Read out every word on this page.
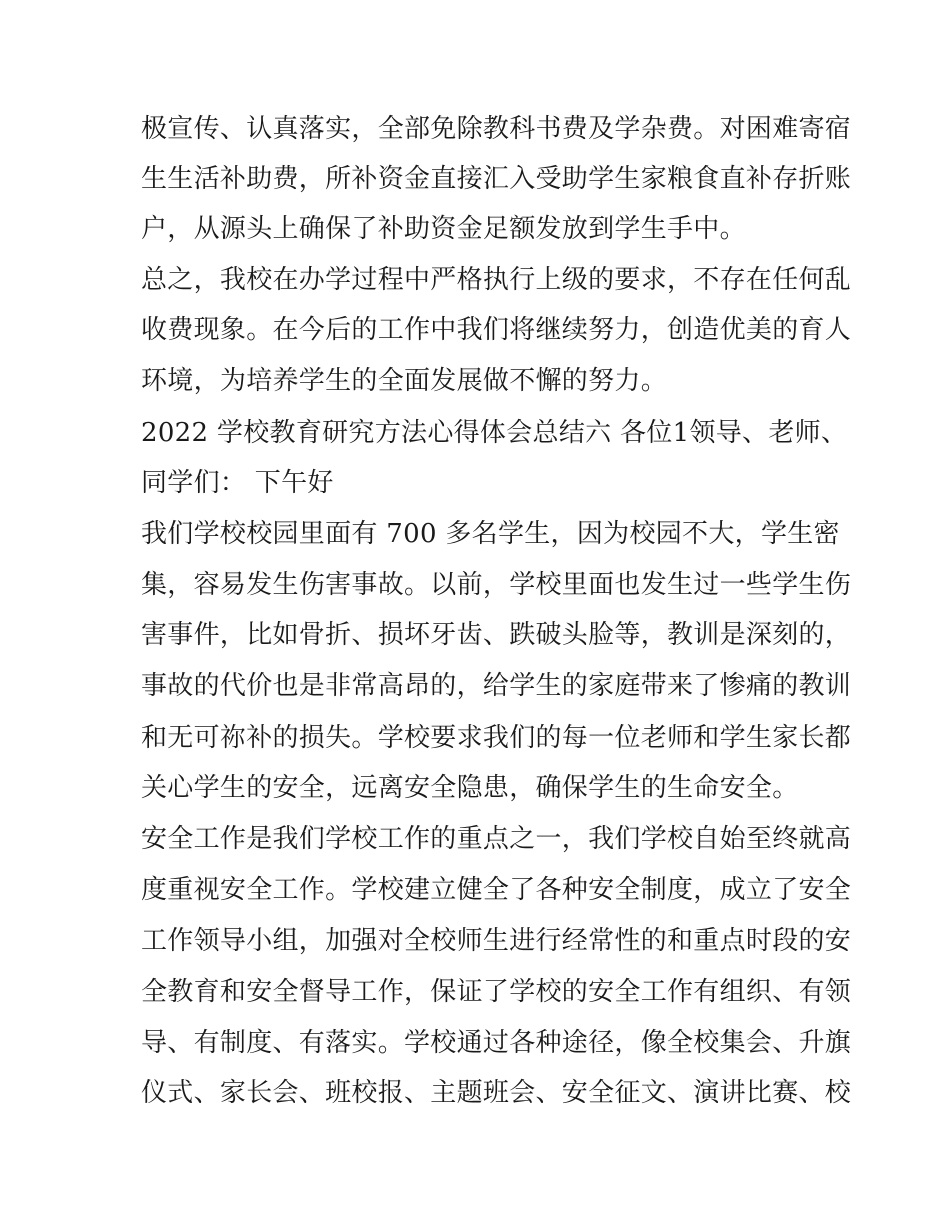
极宣传、认真落实，全部免除教科书费及学杂费。对困难寄宿
生生活补助费，所补资金直接汇入受助学生家粮食直补存折账
户，从源头上确保了补助资金足额发放到学生手中。
总之，我校在办学过程中严格执行上级的要求，不存在任何乱
收费现象。在今后的工作中我们将继续努力，创造优美的育人
环境，为培养学生的全面发展做不懈的努力。
2022 学校教育研究方法心得体会总结六 各位1领导、老师、
同学们： 下午好
我们学校校园里面有 700 多名学生，因为校园不大，学生密
集，容易发生伤害事故。以前，学校里面也发生过一些学生伤
害事件，比如骨折、损坏牙齿、跌破头脸等，教训是深刻的，
事故的代价也是非常高昂的，给学生的家庭带来了惨痛的教训
和无可祢补的损失。学校要求我们的每一位老师和学生家长都
关心学生的安全，远离安全隐患，确保学生的生命安全。
安全工作是我们学校工作的重点之一，我们学校自始至终就高
度重视安全工作。学校建立健全了各种安全制度，成立了安全
工作领导小组，加强对全校师生进行经常性的和重点时段的安
全教育和安全督导工作，保证了学校的安全工作有组织、有领
导、有制度、有落实。学校通过各种途径，像全校集会、升旗
仪式、家长会、班校报、主题班会、安全征文、演讲比赛、校
